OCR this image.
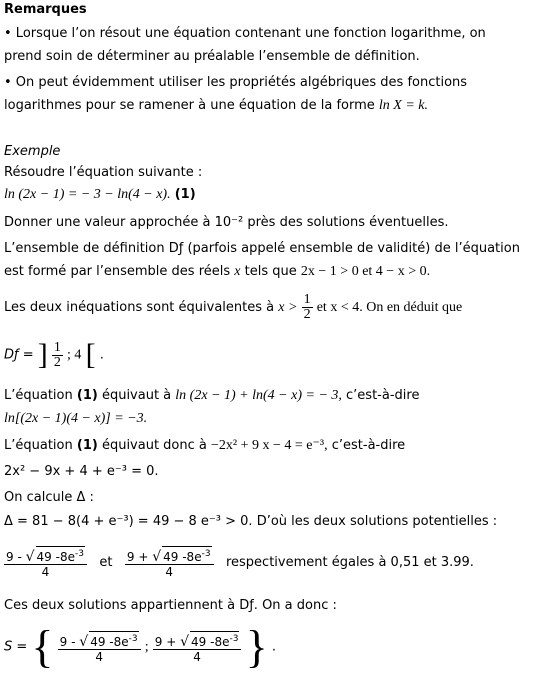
Remarques
• Lorsque l’on résout une équation contenant une fonction logarithme, on
prend soin de déterminer au préalable l’ensemble de définition.
• On peut évidemment utiliser les propriétés algébriques des fonctions
logarithmes pour se ramener à une équation de la forme ln X = k.
Exemple
Résoudre l’équation suivante :
ln (2x − 1) = − 3 − ln(4 − x). (1)
Donner une valeur approchée à 10⁻² près des solutions éventuelles.
L’ensemble de définition Dƒ (parfois appelé ensemble de validité) de l’équation
est formé par l’ensemble des réels x tels que 2x − 1 > 0 et 4 − x > 0.
Les deux inéquations sont équivalentes à $x > \frac{1}{2}$ et x < 4. On en déduit que
Dƒ = ] $\frac{1}{2}$ ; 4 [ .
L’équation (1) équivaut à ln (2x − 1) + ln(4 − x) = − 3, c’est-à-dire
ln[(2x − 1)(4 − x)] = −3.
L’équation (1) équivaut donc à −2x² + 9 x − 4 = e⁻³, c’est-à-dire
2x² − 9x + 4 + e⁻³ = 0.
On calcule Δ :
Δ = 81 − 8(4 + e⁻³) = 49 − 8 e⁻³ > 0. D’où les deux solutions potentielles :
$\frac{9 - √ 49 -8e^{-3}}{4}$ et $\frac{9 + √ 49 -8e^{-3}}{4}$ respectivement égales à 0,51 et 3.99.
Ces deux solutions appartiennent à Dƒ. On a donc :
S = { $\frac{9 - √ 49 -8e^{-3}}{4}$ ; $\frac{9 + √ 49 -8e^{-3}}{4}$ } .
